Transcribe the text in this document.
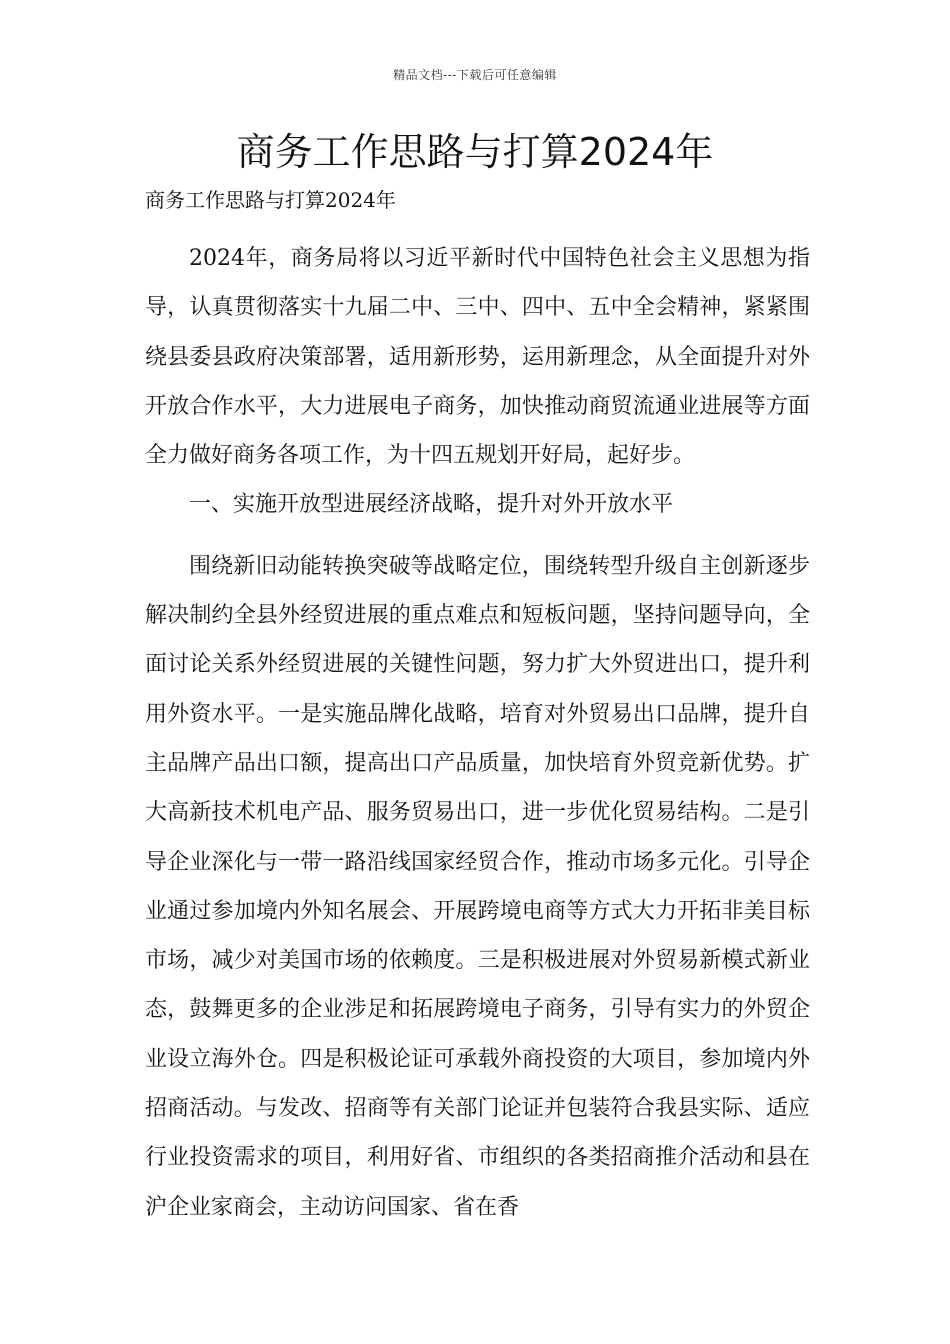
精品文档---下载后可任意编辑
商务工作思路与打算2024年

商务工作思路与打算2024年

2024年，商务局将以习近平新时代中国特色社会主义思想为指导，认真贯彻落实十九届二中、三中、四中、五中全会精神，紧紧围绕县委县政府决策部署，适用新形势，运用新理念，从全面提升对外开放合作水平，大力进展电子商务，加快推动商贸流通业进展等方面全力做好商务各项工作，为十四五规划开好局，起好步。

一、实施开放型进展经济战略，提升对外开放水平

围绕新旧动能转换突破等战略定位，围绕转型升级自主创新逐步解决制约全县外经贸进展的重点难点和短板问题，坚持问题导向，全面讨论关系外经贸进展的关键性问题，努力扩大外贸进出口，提升利用外资水平。一是实施品牌化战略，培育对外贸易出口品牌，提升自主品牌产品出口额，提高出口产品质量，加快培育外贸竞新优势。扩大高新技术机电产品、服务贸易出口，进一步优化贸易结构。二是引导企业深化与一带一路沿线国家经贸合作，推动市场多元化。引导企业通过参加境内外知名展会、开展跨境电商等方式大力开拓非美目标市场，减少对美国市场的依赖度。三是积极进展对外贸易新模式新业态，鼓舞更多的企业涉足和拓展跨境电子商务，引导有实力的外贸企业设立海外仓。四是积极论证可承载外商投资的大项目，参加境内外招商活动。与发改、招商等有关部门论证并包装符合我县实际、适应行业投资需求的项目，利用好省、市组织的各类招商推介活动和县在沪企业家商会，主动访问国家、省在香
